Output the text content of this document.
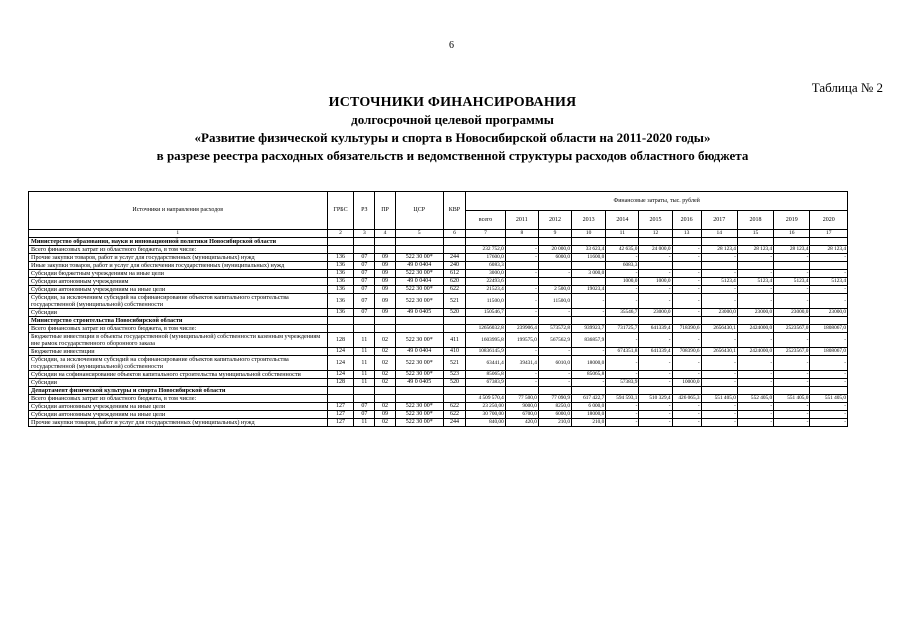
6
Таблица № 2
ИСТОЧНИКИ ФИНАНСИРОВАНИЯ
долгосрочной целевой программы
«Развитие физической культуры и спорта в Новосибирской области на 2011-2020 годы»
в разрезе реестра расходных обязательств и ведомственной структуры расходов областного бюджета
Источники и направления расходов	ГРБС	РЗ	ПР	ЦСР	КВР	Финансовые затраты, тыс. рублей										
						всего	2011	2012	2013	2014	2015	2016	2017	2018	2019	2020
1	2	3	4	5	6	7	8	9	10	11	12	13	14	15	16	17
Министерство образования, науки и инновационной политики Новосибирской области																
Всего финансовых затрат из областного бюджета, в том числе:						232 752,0	-	20 000,0	33 623,4	42 635,0	24 000,0	-	28 123,4	28 123,4	28 123,4	28 123,4
Прочие закупки товаров, работ и услуг для государственных (муниципальных) нужд	136	07	09	522 30 00*	244	17600,0	-	6000,0	11600,0	-	-	-	-	-	-	-
Иные закупки товаров, работ и услуг для обеспечения государственных (муниципальных) нужд	136	07	09	49 0 0404	240	6083,3				6083,3						
Субсидии бюджетным учреждениям на иные цели	136	07	09	522 30 00*	612	3000,0	-	-	3 000,0	-	-	-	-	-	-	-
Субсидии автономным учреждениям	136	07	09	49 0 0404	620	22493,6				1000,0	1000,0	-	5123,4	5123,4	5123,4	5123,4
Субсидии автономным учреждениям на иные цели	136	07	09	522 30 00*	622	21523,4	-	2 500,0	19023,4	-	-	-	-	-	-	-
Субсидии, за исключением субсидий на софинансирование объектов капитального строительства государственной (муниципальной) собственности	136	07	09	522 30 00*	521	11500,0	-	11500,0	-	-	-	-	-	-	-	-
Субсидии	136	07	09	49 0 0405	520	150546,7	-	-	-	35546,7	23000,0	-	23000,0	23000,0	23000,0	23000,0
Министерство строительства Новосибирской области																
Всего финансовых затрат из областного бюджета, в том числе:						12656032,8	239906,4	573572,8	939923,7	731725,7	641339,4	718390,6	2656430,1	2424000,0	2523567,0	1808067,0
Бюджетные инвестиции в объекты государственной (муниципальной) собственности казенным учреждениям вне рамок государственного оборонного заказа	128	11	02	522 30 00*	411	1603995,8	199575,0	567562,9	836857,9	-	-	-	-	-	-	-
Бюджетные инвестиции	124	11	02	49 0 0404	410	10836145,9	-	-	-	674351,8	641339,4	708390,6	2656430,1	2424000,0	2523567,0	1808067,0
Субсидии, за исключением субсидий на софинансирование объектов капитального строительства государственной (муниципальной) собственности	124	11	02	522 30 00*	521	63441,4	39431,4	6010,0	18000,0	-	-	-	-	-	-	-
Субсидии на софинансирование объектов капитального строительства муниципальной собственности	124	11	02	522 30 00*	523	85065,8	-	-	85065,8	-	-	-	-	-	-	-
Субсидии	128	11	02	49 0 0405	520	67383,9	-	-	-	57383,9	-	10000,0	-	-	-	-
Департамент физической культуры и спорта Новосибирской области																
Всего финансовых затрат из областного бюджета, в том числе:						4 509 570,4	77 500,0	77 090,9	617 422,7	594 593,1	510 329,4	426 065,3	551 405,0	552 405,0	551 405,0	551 405,0
Субсидии автономным учреждениям на иные цели	127	07	02	522 30 00*	622	23 250,00	9000,0	8250,0	6 000,0	-	-	-	-	-	-	-
Субсидии автономным учреждениям на иные цели	127	07	09	522 30 00*	622	30 700,00	6700,0	6000,0	18000,0	-	-	-	-	-	-	-
Прочие закупки товаров, работ и услуг для государственных (муниципальных) нужд	127	11	02	522 30 00*	244	840,00	420,0	210,0	210,0	-	-	-	-	-	-	-
